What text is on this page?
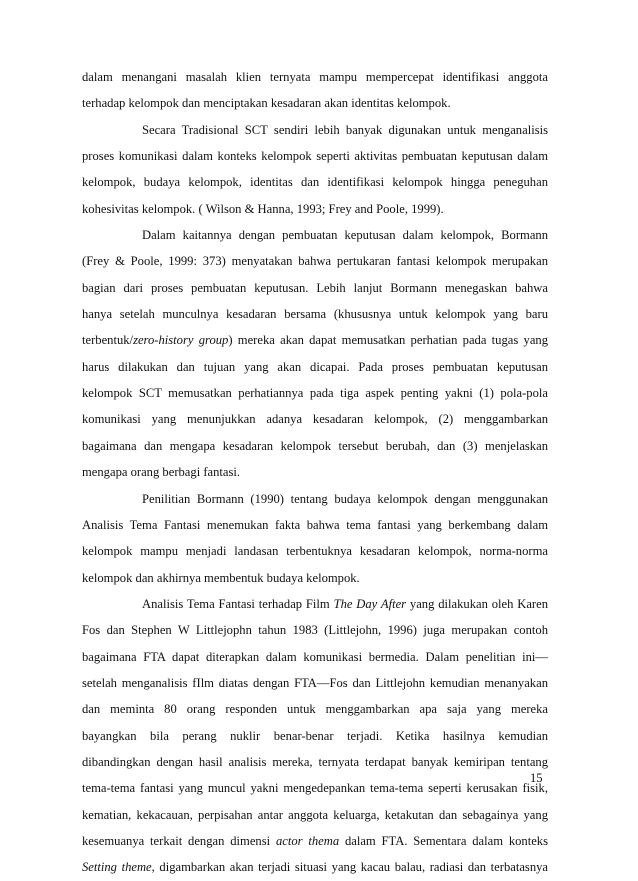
dalam menangani masalah klien ternyata mampu mempercepat identifikasi anggota
terhadap kelompok dan menciptakan kesadaran akan identitas kelompok.
Secara Tradisional SCT sendiri lebih banyak digunakan untuk menganalisis
proses komunikasi dalam konteks kelompok seperti aktivitas pembuatan keputusan dalam
kelompok, budaya kelompok, identitas dan identifikasi kelompok hingga peneguhan
kohesivitas kelompok. ( Wilson & Hanna, 1993; Frey and Poole, 1999).
Dalam kaitannya dengan pembuatan keputusan dalam kelompok, Bormann
(Frey & Poole, 1999: 373) menyatakan bahwa pertukaran fantasi kelompok merupakan
bagian dari proses pembuatan keputusan. Lebih lanjut Bormann menegaskan bahwa
hanya setelah munculnya kesadaran bersama (khususnya untuk kelompok yang baru
terbentuk/zero-history group) mereka akan dapat memusatkan perhatian pada tugas yang
harus dilakukan dan tujuan yang akan dicapai. Pada proses pembuatan keputusan
kelompok SCT memusatkan perhatiannya pada tiga aspek penting yakni (1) pola-pola
komunikasi yang menunjukkan adanya kesadaran kelompok, (2) menggambarkan
bagaimana dan mengapa kesadaran kelompok tersebut berubah, dan (3) menjelaskan
mengapa orang berbagi fantasi.
Penilitian Bormann (1990) tentang budaya kelompok dengan menggunakan
Analisis Tema Fantasi menemukan fakta bahwa tema fantasi yang berkembang dalam
kelompok mampu menjadi landasan terbentuknya kesadaran kelompok, norma-norma
kelompok dan akhirnya membentuk budaya kelompok.
Analisis Tema Fantasi terhadap Film The Day After yang dilakukan oleh Karen
Fos dan Stephen W Littlejophn tahun 1983 (Littlejohn, 1996) juga merupakan contoh
bagaimana FTA dapat diterapkan dalam komunikasi bermedia. Dalam penelitian ini—
setelah menganalisis fIlm diatas dengan FTA—Fos dan Littlejohn kemudian menanyakan
dan meminta 80 orang responden untuk menggambarkan apa saja yang mereka
bayangkan bila perang nuklir benar-benar terjadi. Ketika hasilnya kemudian
dibandingkan dengan hasil analisis mereka, ternyata terdapat banyak kemiripan tentang
tema-tema fantasi yang muncul yakni mengedepankan tema-tema seperti kerusakan fisik,
kematian, kekacauan, perpisahan antar anggota keluarga, ketakutan dan sebagainya yang
kesemuanya terkait dengan dimensi actor thema dalam FTA. Sementara dalam konteks
Setting theme, digambarkan akan terjadi situasi yang kacau balau, radiasi dan terbatasnya
15
